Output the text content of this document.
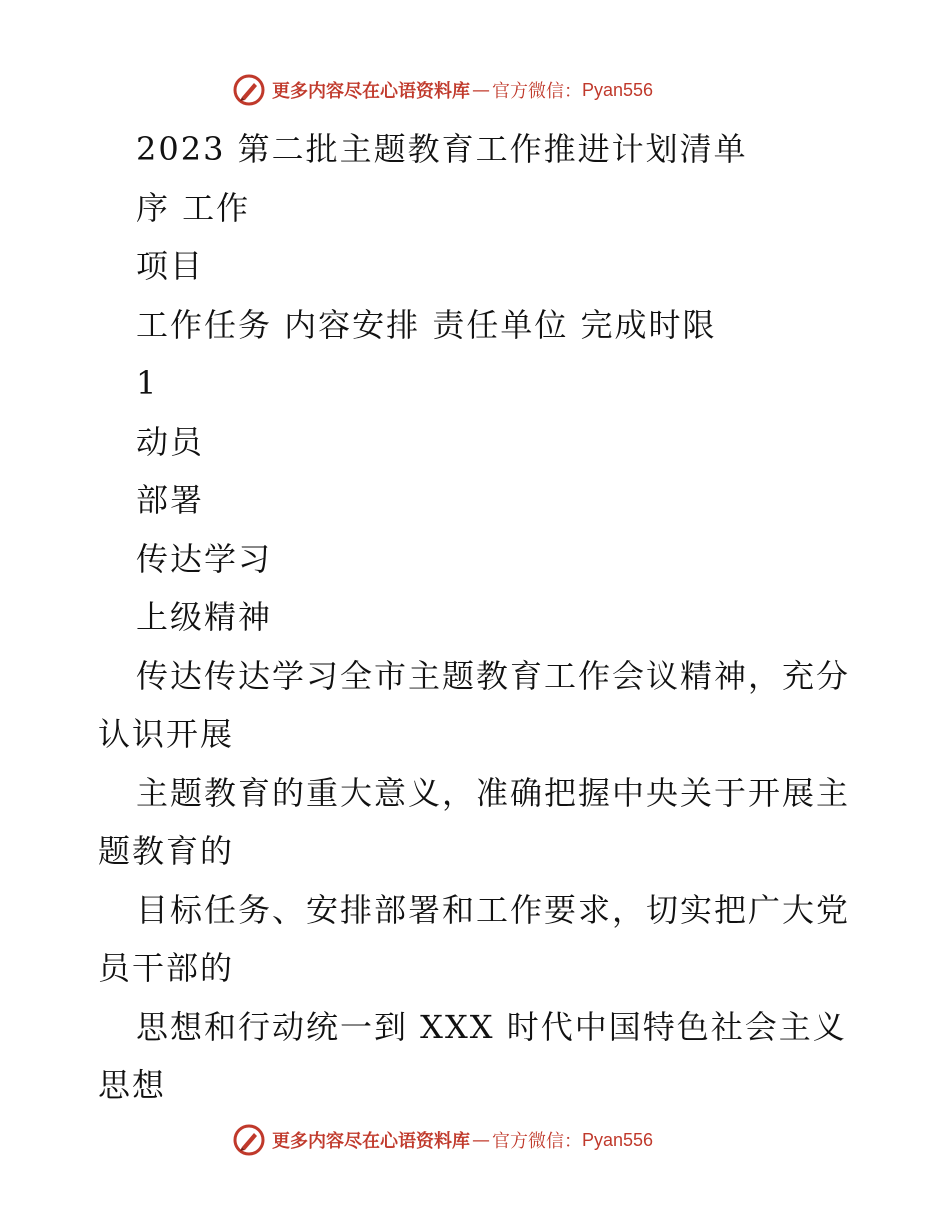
更多内容尽在心语资料库 — 官方微信： Pyan556

2023 第二批主题教育工作推进计划清单

序 工作

项目

工作任务 内容安排 责任单位 完成时限

1

动员

部署

传达学习

上级精神

传达传达学习全市主题教育工作会议精神，充分

认识开展

主题教育的重大意义，准确把握中央关于开展主

题教育的

目标任务、安排部署和工作要求，切实把广大党

员干部的

思想和行动统一到 XXX 时代中国特色社会主义

思想

更多内容尽在心语资料库 — 官方微信： Pyan556
